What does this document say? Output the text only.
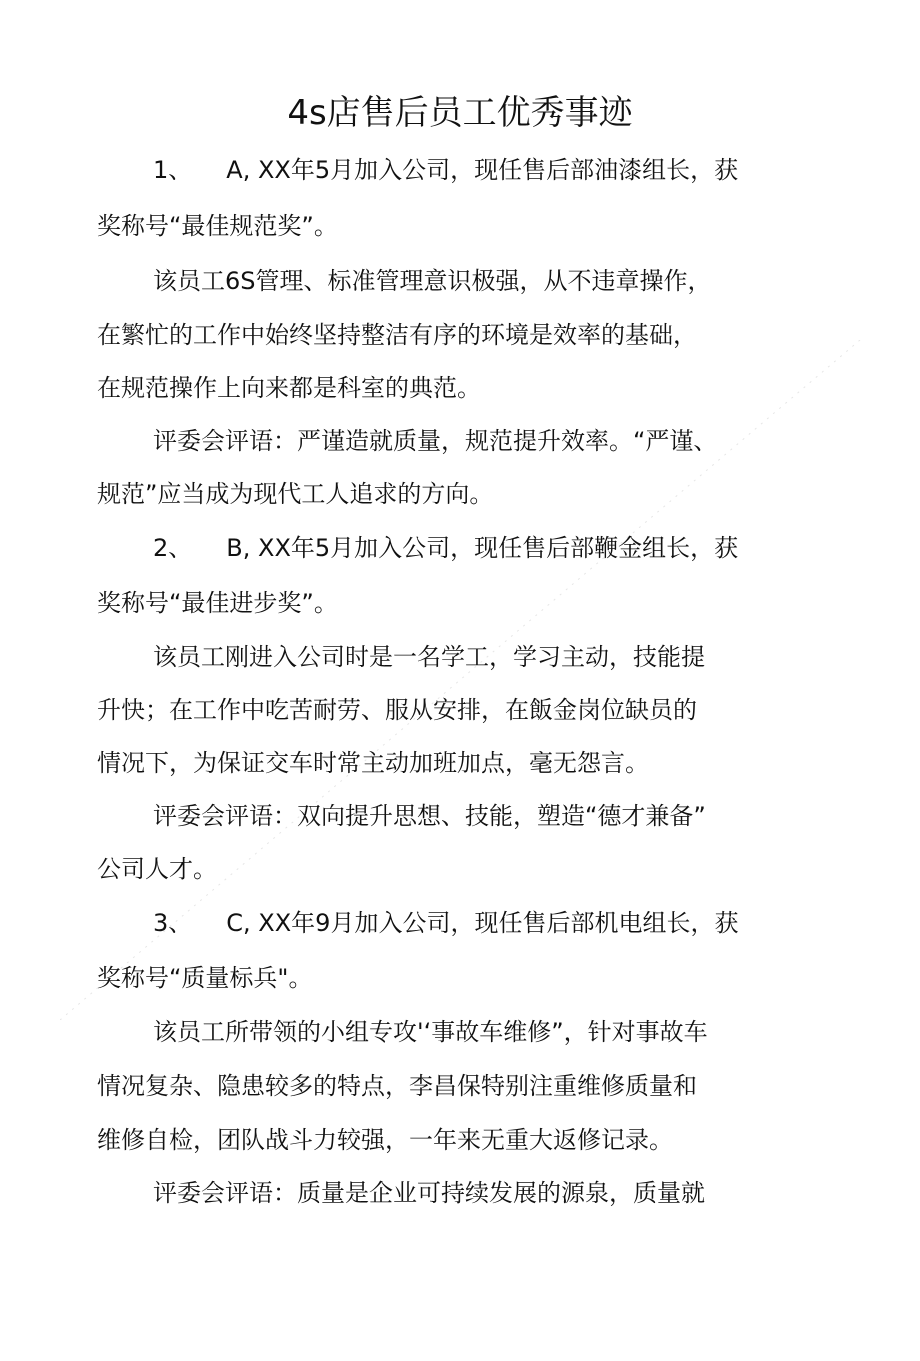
4s店售后员工优秀事迹
1、 A, XX年5月加入公司，现任售后部油漆组长，获
奖称号“最佳规范奖”。
该员工6S管理、标准管理意识极强，从不违章操作，
在繁忙的工作中始终坚持整洁有序的环境是效率的基础，
在规范操作上向来都是科室的典范。
评委会评语：严谨造就质量，规范提升效率。“严谨、
规范”应当成为现代工人追求的方向。
2、 B, XX年5月加入公司，现任售后部鞭金组长，获
奖称号“最佳进步奖”。
该员工刚进入公司时是一名学工，学习主动，技能提
升快；在工作中吃苦耐劳、服从安排，在飯金岗位缺员的
情况下，为保证交车时常主动加班加点，毫无怨言。
评委会评语：双向提升思想、技能，塑造“德才兼备”
公司人才。
3、 C, XX年9月加入公司，现任售后部机电组长，获
奖称号“质量标兵"。
该员工所带领的小组专攻'‘事故车维修”，针对事故车
情况复杂、隐患较多的特点，李昌保特别注重维修质量和
维修自检，团队战斗力较强，一年来无重大返修记录。
评委会评语：质量是企业可持续发展的源泉，质量就
